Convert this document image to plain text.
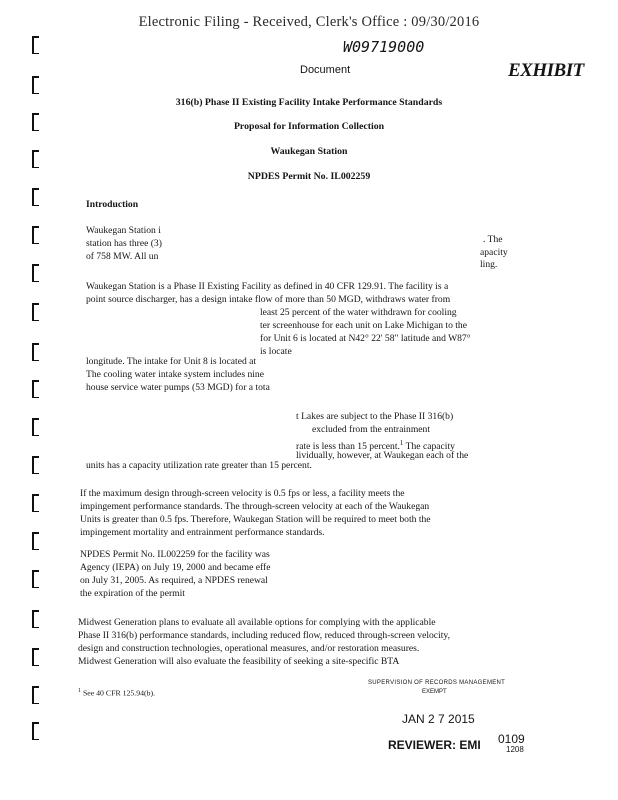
Electronic Filing - Received, Clerk's Office : 09/30/2016
W09719000
Document	EXHIBIT
316(b) Phase II Existing Facility Intake Performance Standards
Proposal for Information Collection
Waukegan Station
NPDES Permit No. IL002259
Introduction
Waukegan Station i
. The
station has three (3)
apacity
of 758 MW. All un
ling.
Waukegan Station is a Phase II Existing Facility as defined in 40 CFR 129.91. The facility is a
point source discharger, has a design intake flow of more than 50 MGD, withdraws water from
least 25 percent of the water withdrawn for cooling
ter screenhouse for each unit on Lake Michigan to the
for Unit 6 is located at N42° 22' 58" latitude and W87°
is locate
longitude. The intake for Unit 8 is located at
The cooling water intake system includes nine
house service water pumps (53 MGD) for a tota
t Lakes are subject to the Phase II 316(b)
excluded from the entrainment
rate is less than 15 percent.$^1$ The capacity
lividually, however, at Waukegan each of the
units has a capacity utilization rate greater than 15 percent.
If the maximum design through-screen velocity is 0.5 fps or less, a facility meets the
impingement performance standards. The through-screen velocity at each of the Waukegan
Units is greater than 0.5 fps. Therefore, Waukegan Station will be required to meet both the
impingement mortality and entrainment performance standards.
NPDES Permit No. IL002259 for the facility was
Agency (IEPA) on July 19, 2000 and became effe
on July 31, 2005. As required, a NPDES renewal
the expiration of the permit
Midwest Generation plans to evaluate all available options for complying with the applicable
Phase II 316(b) performance standards, including reduced flow, reduced through-screen velocity,
design and construction technologies, operational measures, and/or restoration measures.
Midwest Generation will also evaluate the feasibility of seeking a site-specific BTA
$^1$ See 40 CFR 125.94(b).
SUPERVISION OF RECORDS MANAGEMENT
EXEMPT
JAN 2 7 2015
REVIEWER: EMI 0109
1208
